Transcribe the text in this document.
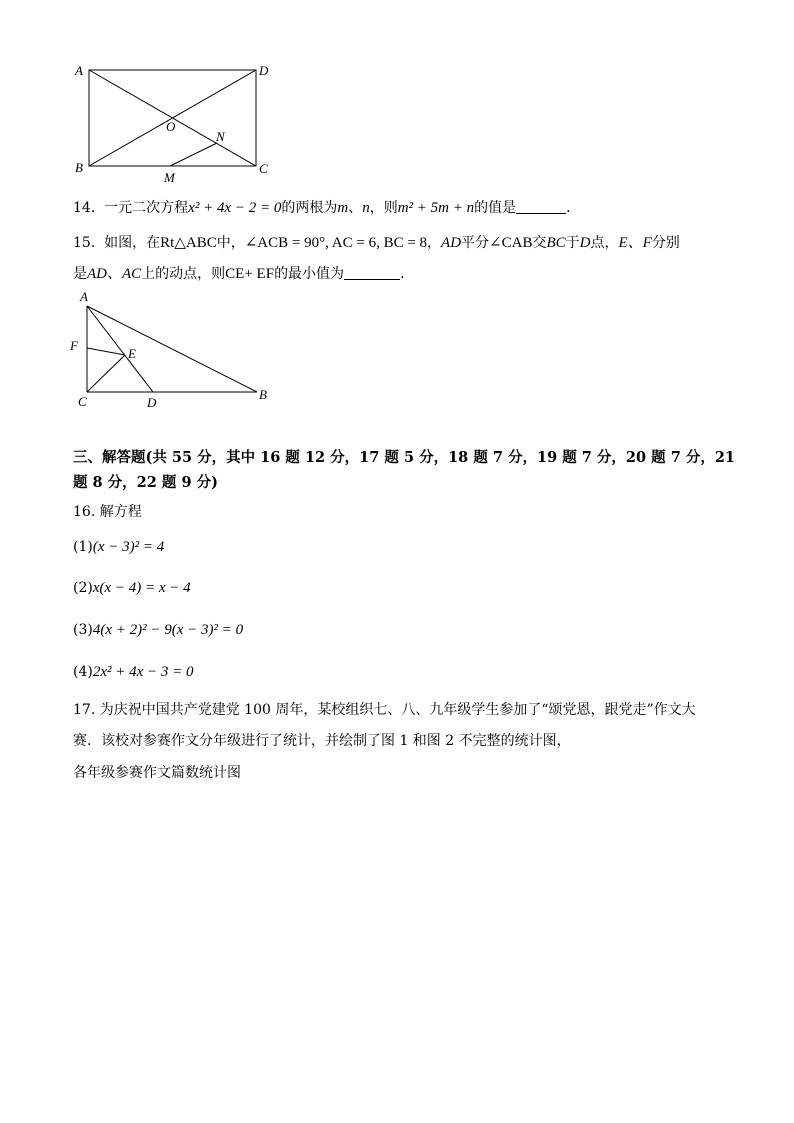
A	D
O
N
B
M
C
14. 一元二次方程x² + 4x − 2 = 0的两根为m、n，则m² + 5m + n的值是	.
15. 如图，在Rt△ABC中，∠ACB = 90°, AC = 6, BC = 8，AD平分∠CAB交BC于D点，E、F分别
是AD、AC上的动点，则CE+ EF的最小值为	.
A
F
E
C	D
B
三、解答题(共 55 分，其中 16 题 12 分，17 题 5 分，18 题 7 分，19 题 7 分，20 题 7 分，21
题 8 分，22 题 9 分)
16. 解方程
(1)(x − 3)² = 4
(2)x(x − 4) = x − 4
(3)4(x + 2)² − 9(x − 3)² = 0
(4)2x² + 4x − 3 = 0
17. 为庆祝中国共产党建党 100 周年，某校组织七、八、九年级学生参加了“颂党恩，跟党走”作文大
赛．该校对参赛作文分年级进行了统计，并绘制了图 1 和图 2 不完整的统计图，
各年级参赛作文篇数统计图
